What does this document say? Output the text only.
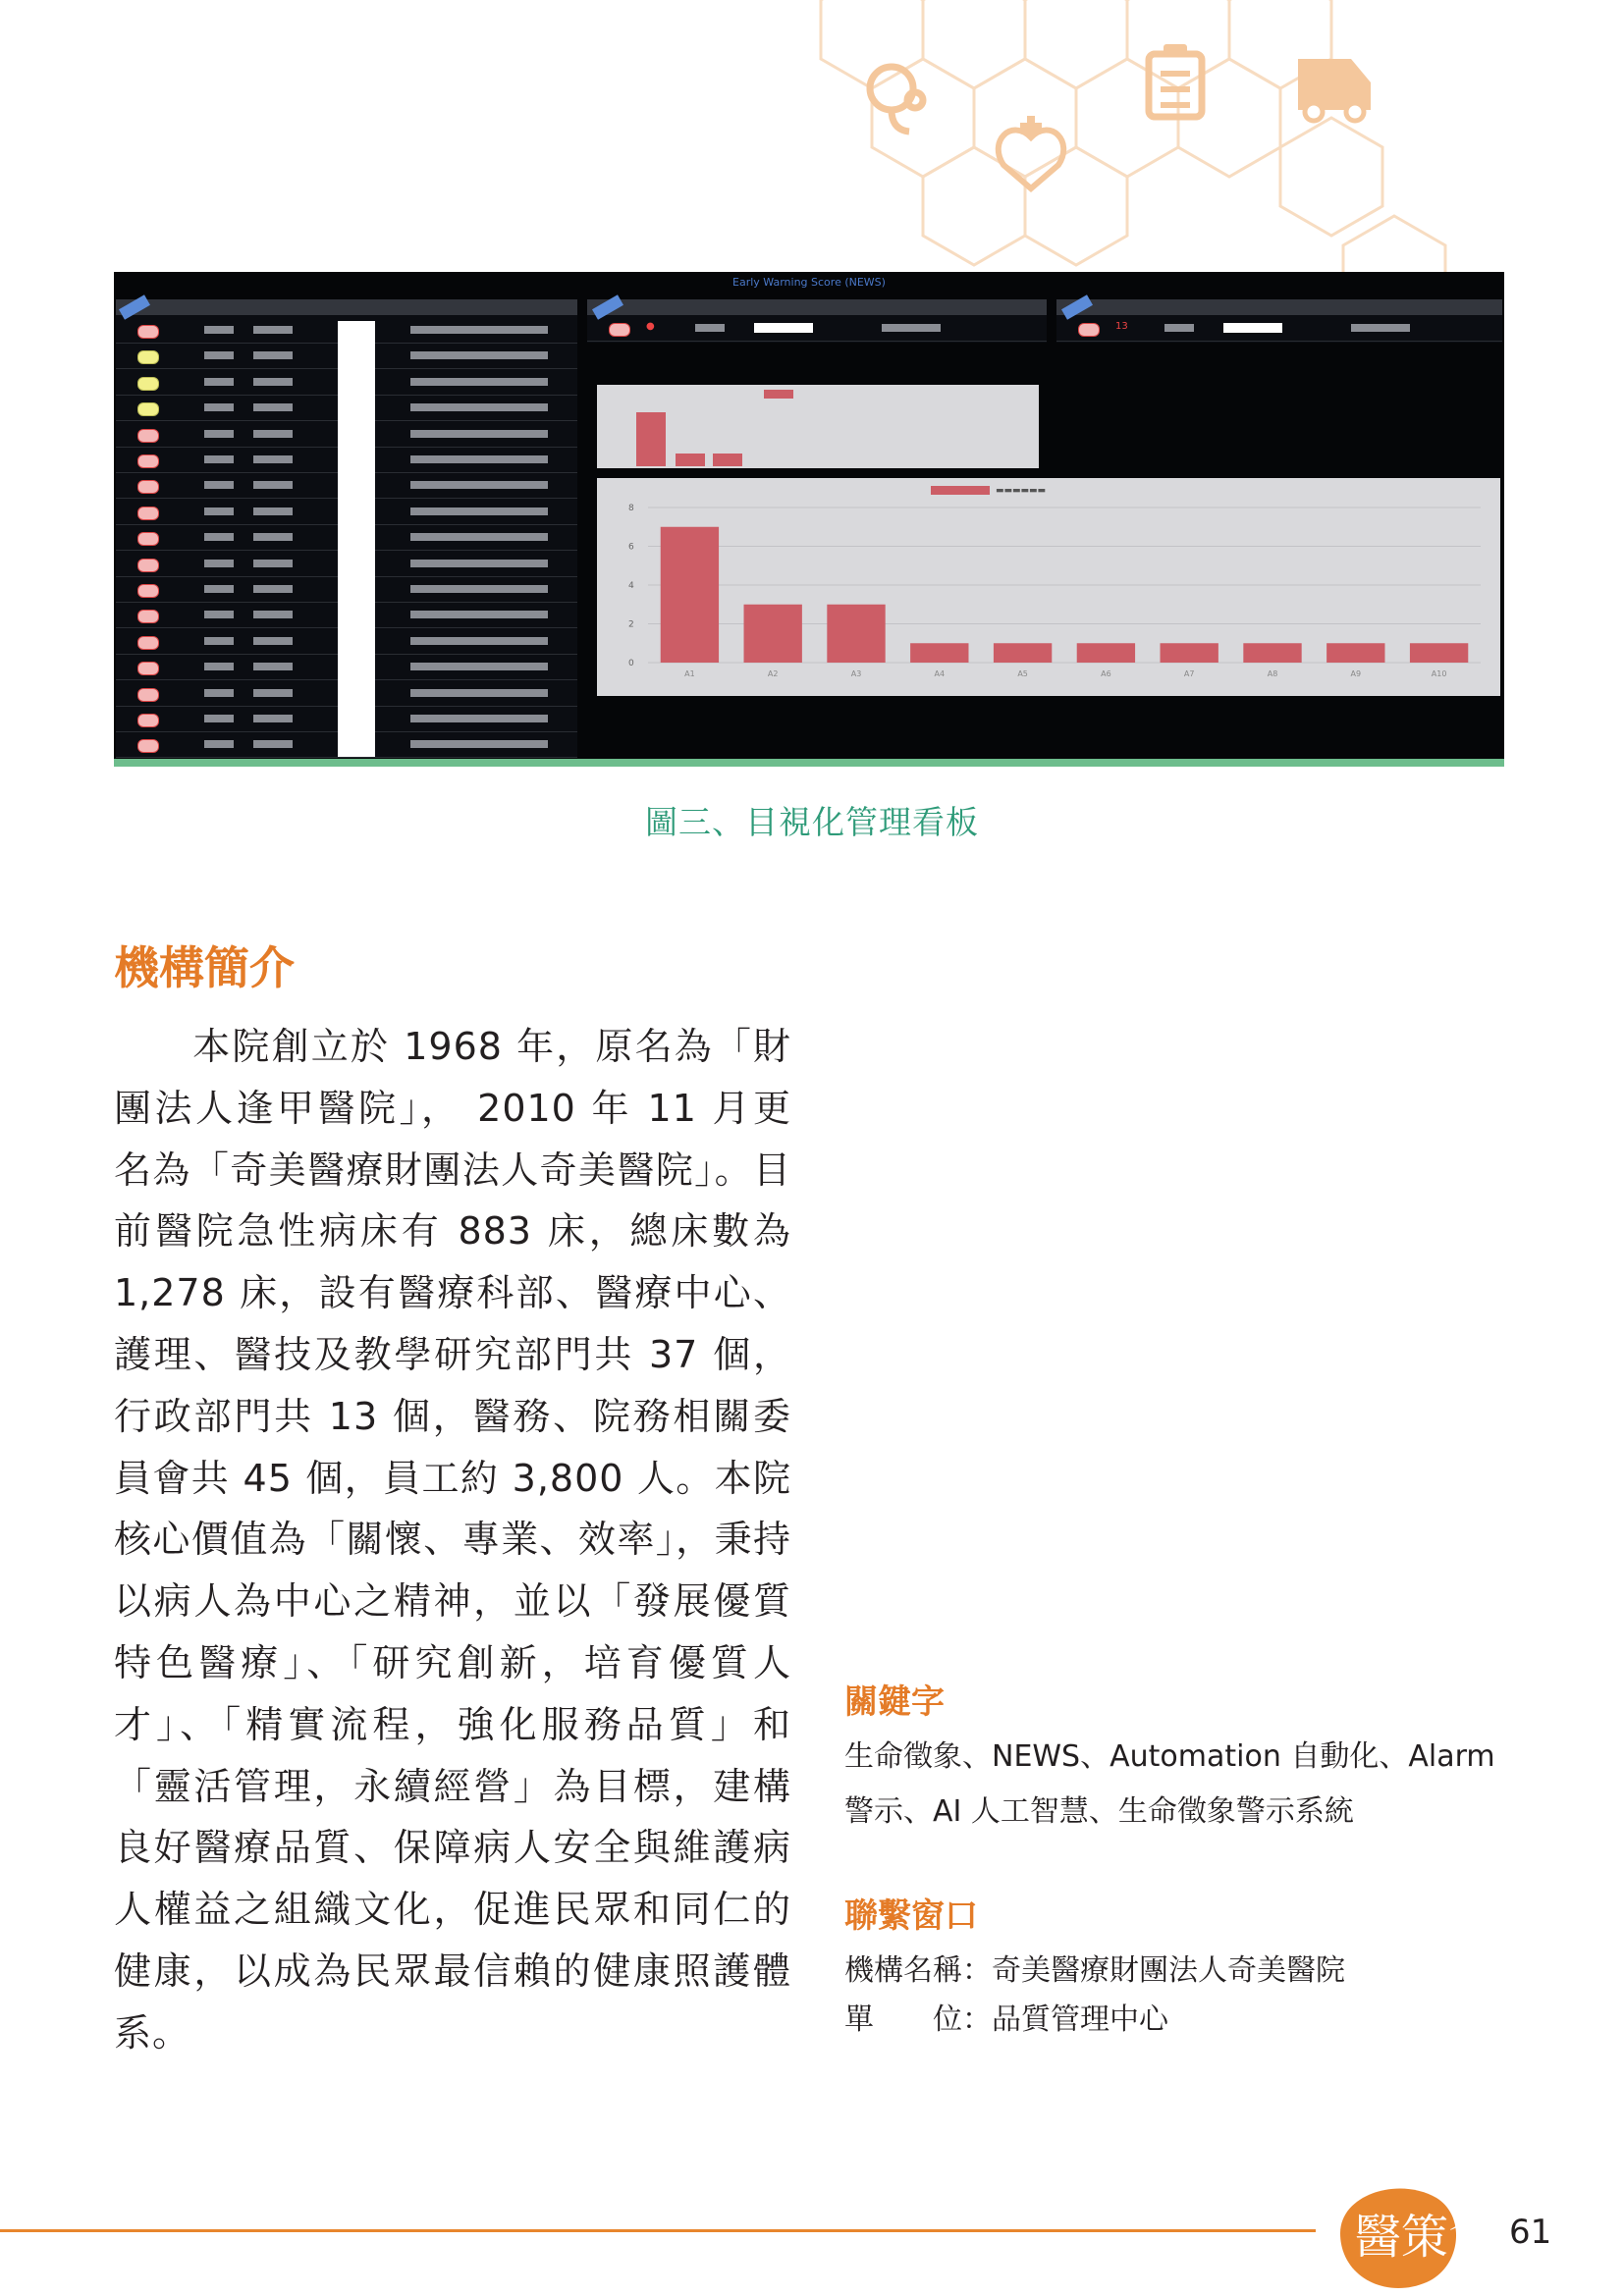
Early Warning Score (NEWS)
●	13
▬▬▬▬▬▬
0
2
4
6
8
A1	A2	A3	A4	A5	A6	A7	A8	A9	A10
圖三、目視化管理看板
機構簡介
　　本院創立於 1968 年，原名為「財團法人逢甲醫院」， 2010 年 11 月更名為「奇美醫療財團法人奇美醫院」。目前醫院急性病床有 883 床，總床數為 1,278 床，設有醫療科部、醫療中心、護理、醫技及教學研究部門共 37 個，行政部門共 13 個，醫務、院務相關委員會共 45 個，員工約 3,800 人。本院核心價值為「關懷、專業、效率」，秉持以病人為中心之精神，並以「發展優質特色醫療」、「研究創新，培育優質人才」、「精實流程，強化服務品質」和「靈活管理，永續經營」為目標，建構良好醫療品質、保障病人安全與維護病人權益之組織文化，促進民眾和同仁的健康，以成為民眾最信賴的健康照護體系。
關鍵字
生命徵象、NEWS、Automation 自動化、Alarm
警示、AI 人工智慧、生命徵象警示系統
聯繫窗口
機構名稱：奇美醫療財團法人奇美醫院
單　　位：品質管理中心
醫策會 61
